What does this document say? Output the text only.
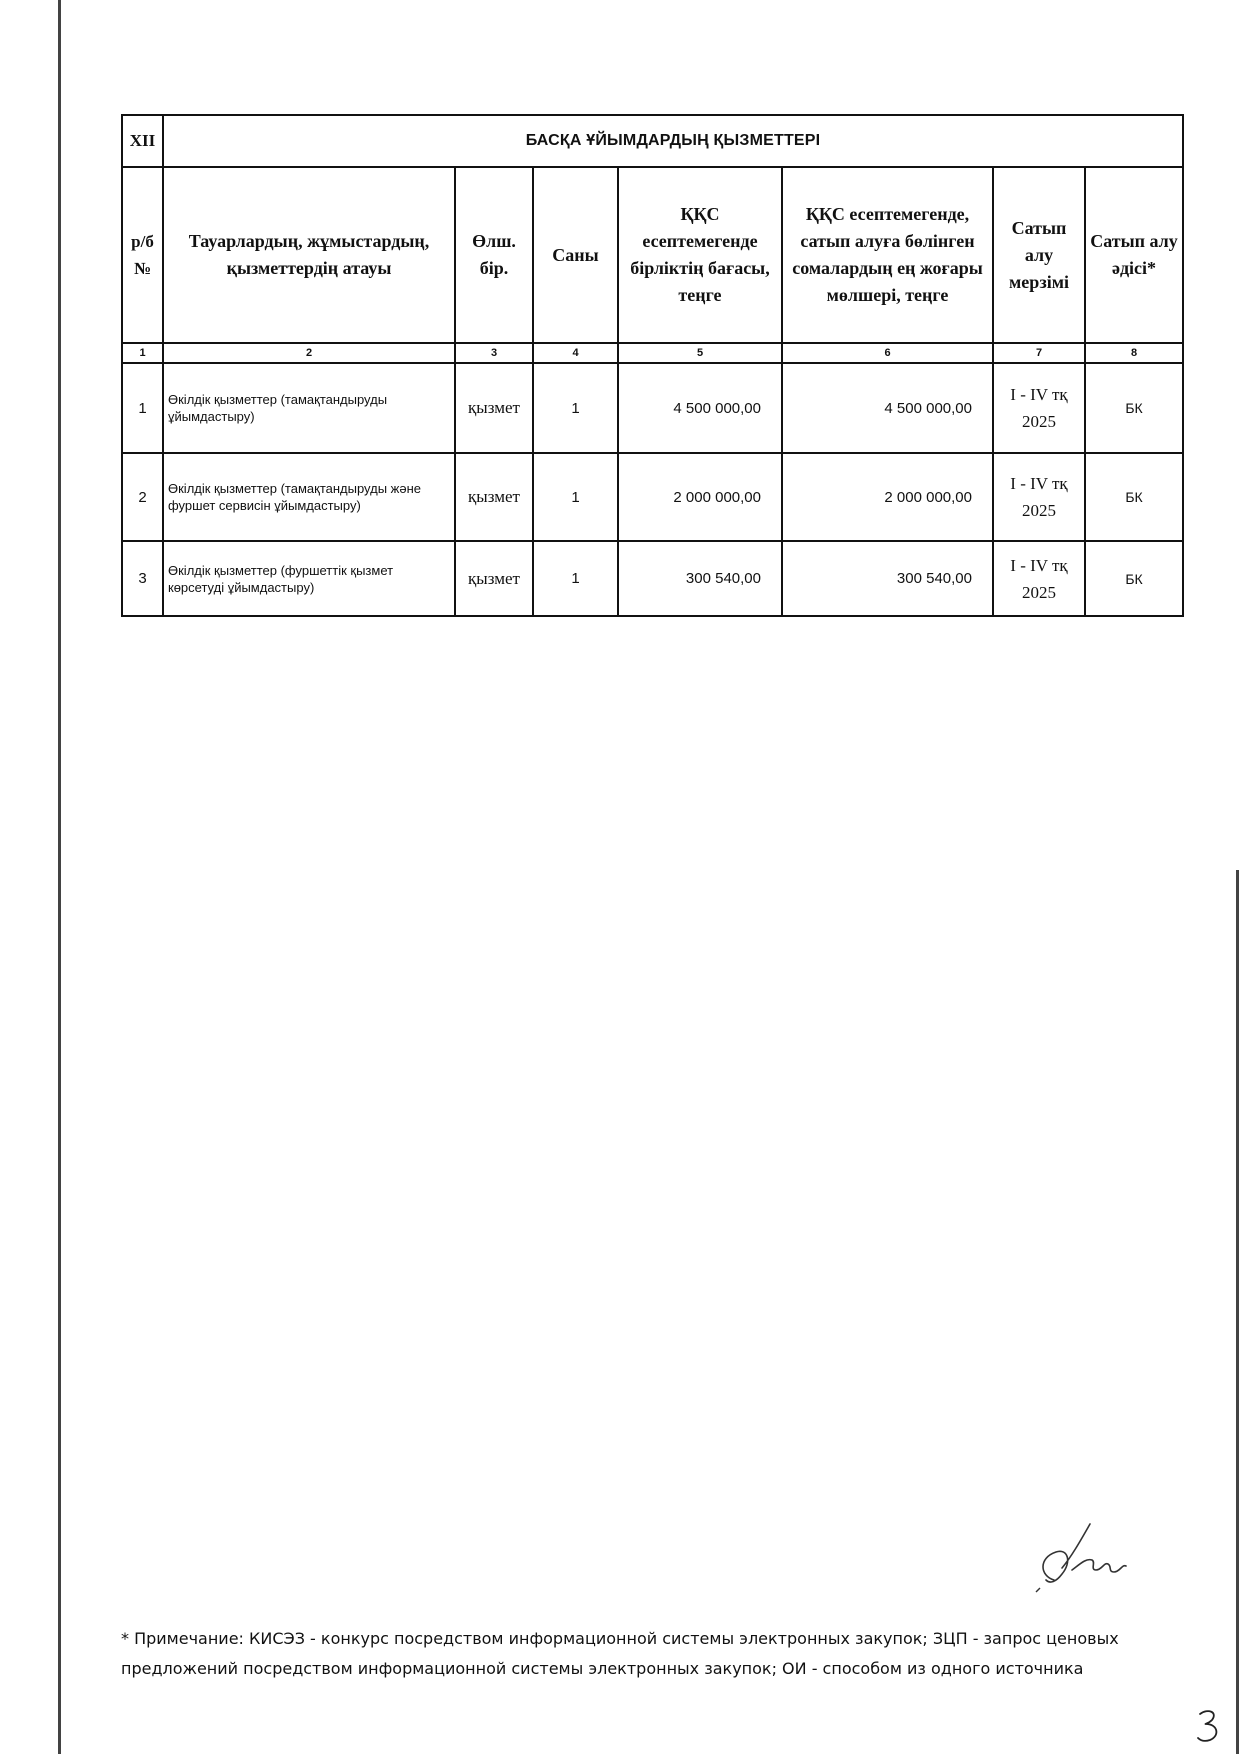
XII	БАСҚА ҰЙЫМДАРДЫҢ ҚЫЗМЕТТЕРІ						
р/б №	Тауарлардың, жұмыстардың, қызметтердің атауы	Өлш. бір.	Саны	ҚҚС есептемегенде бірліктің бағасы, теңге	ҚҚС есептемегенде, сатып алуға бөлінген сомалардың ең жоғары мөлшері, теңге	Сатып алу мерзімі	Сатып алу әдісі*
1	2	3	4	5	6	7	8
1	Өкілдік қызметтер (тамақтандыруды ұйымдастыру)	қызмет	1	4 500 000,00	4 500 000,00	I - IV тқ 2025	БК
2	Өкілдік қызметтер (тамақтандыруды және фуршет сервисін ұйымдастыру)	қызмет	1	2 000 000,00	2 000 000,00	I - IV тқ 2025	БК
3	Өкілдік қызметтер (фуршеттік қызмет көрсетуді ұйымдастыру)	қызмет	1	300 540,00	300 540,00	I - IV тқ 2025	БК
* Примечание: КИСЭЗ - конкурс посредством информационной системы электронных закупок; ЗЦП - запрос ценовых предложений посредством информационной системы электронных закупок; ОИ - способом из одного источника
